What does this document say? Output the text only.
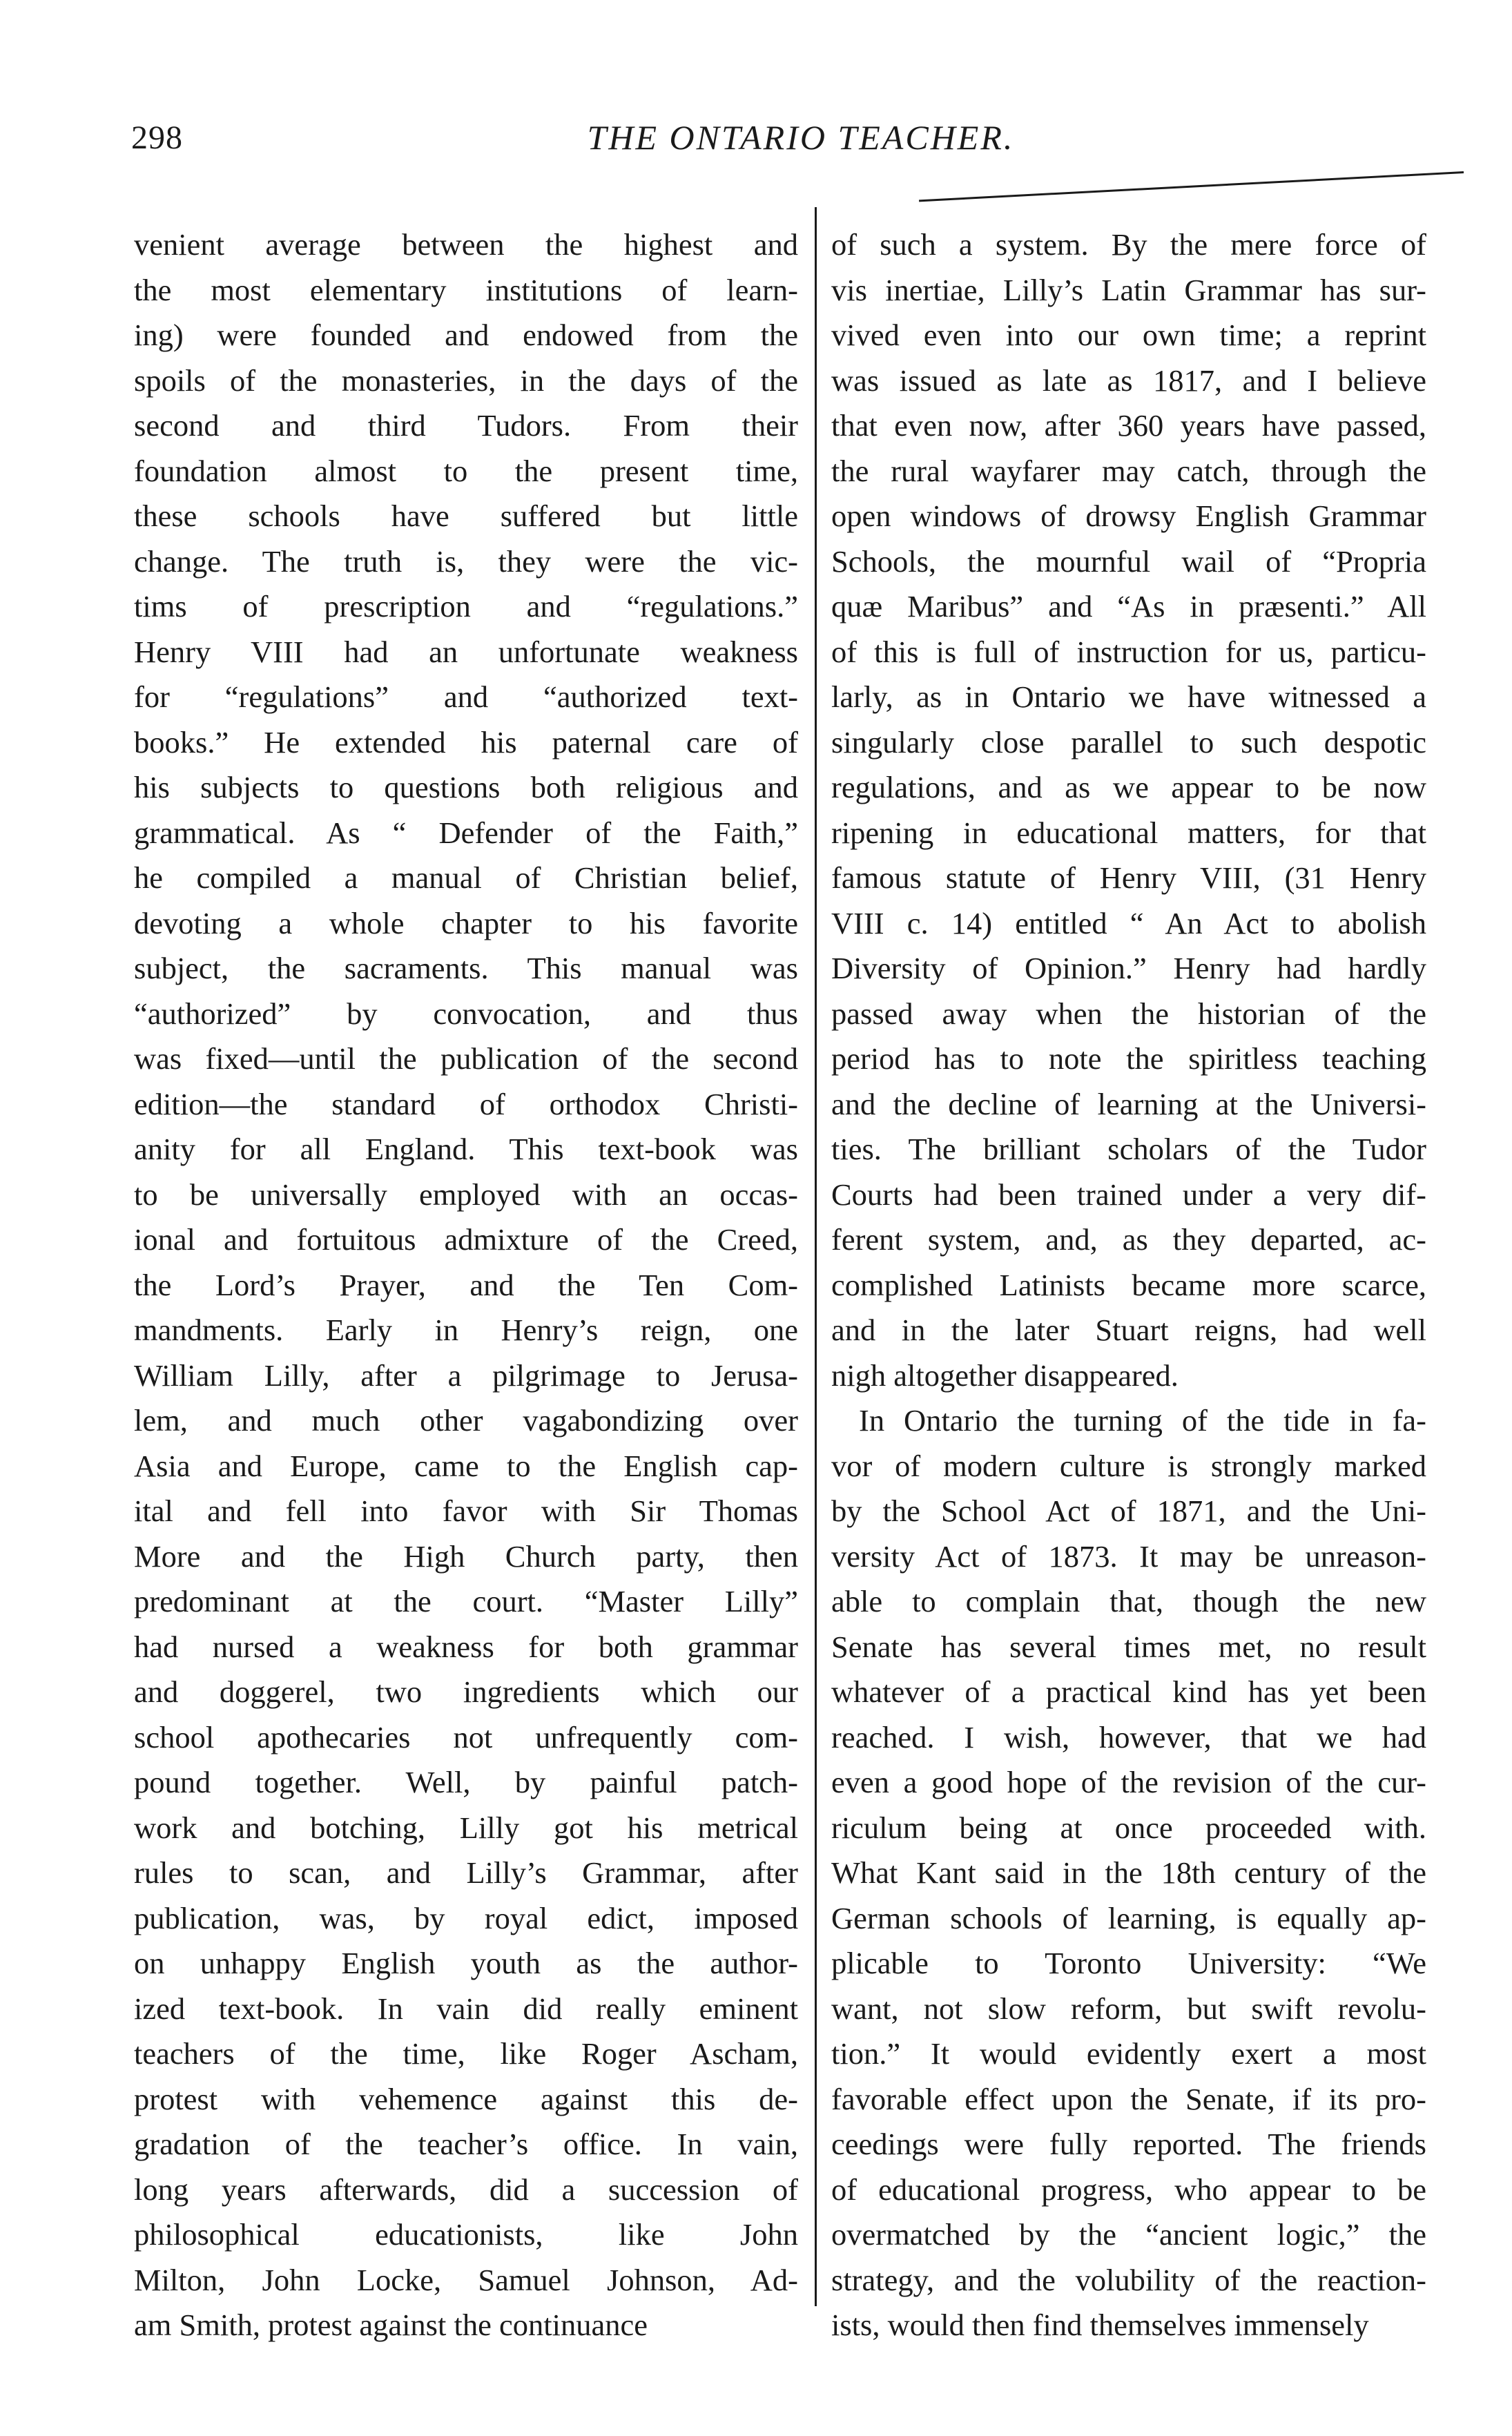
298	THE ONTARIO TEACHER.
venient average between the highest and
the most elementary institutions of learn-
ing) were founded and endowed from the
spoils of the monasteries, in the days of the
second and third Tudors. From their
foundation almost to the present time,
these schools have suffered but little
change. The truth is, they were the vic-
tims of prescription and “regulations.”
Henry VIII had an unfortunate weakness
for “regulations” and “authorized text-
books.” He extended his paternal care of
his subjects to questions both religious and
grammatical. As “ Defender of the Faith,”
he compiled a manual of Christian belief,
devoting a whole chapter to his favorite
subject, the sacraments. This manual was
“authorized” by convocation, and thus
was fixed—until the publication of the second
edition—the standard of orthodox Christi-
anity for all England. This text-book was
to be universally employed with an occas-
ional and fortuitous admixture of the Creed,
the Lord’s Prayer, and the Ten Com-
mandments. Early in Henry’s reign, one
William Lilly, after a pilgrimage to Jerusa-
lem, and much other vagabondizing over
Asia and Europe, came to the English cap-
ital and fell into favor with Sir Thomas
More and the High Church party, then
predominant at the court. “Master Lilly”
had nursed a weakness for both grammar
and doggerel, two ingredients which our
school apothecaries not unfrequently com-
pound together. Well, by painful patch-
work and botching, Lilly got his metrical
rules to scan, and Lilly’s Grammar, after
publication, was, by royal edict, imposed
on unhappy English youth as the author-
ized text-book. In vain did really eminent
teachers of the time, like Roger Ascham,
protest with vehemence against this de-
gradation of the teacher’s office. In vain,
long years afterwards, did a succession of
philosophical educationists, like John
Milton, John Locke, Samuel Johnson, Ad-
am Smith, protest against the continuance
of such a system. By the mere force of
vis inertiae, Lilly’s Latin Grammar has sur-
vived even into our own time; a reprint
was issued as late as 1817, and I believe
that even now, after 360 years have passed,
the rural wayfarer may catch, through the
open windows of drowsy English Grammar
Schools, the mournful wail of “Propria
quæ Maribus” and “As in præsenti.” All
of this is full of instruction for us, particu-
larly, as in Ontario we have witnessed a
singularly close parallel to such despotic
regulations, and as we appear to be now
ripening in educational matters, for that
famous statute of Henry VIII, (31 Henry
VIII c. 14) entitled “ An Act to abolish
Diversity of Opinion.” Henry had hardly
passed away when the historian of the
period has to note the spiritless teaching
and the decline of learning at the Universi-
ties. The brilliant scholars of the Tudor
Courts had been trained under a very dif-
ferent system, and, as they departed, ac-
complished Latinists became more scarce,
and in the later Stuart reigns, had well
nigh altogether disappeared.
In Ontario the turning of the tide in fa-
vor of modern culture is strongly marked
by the School Act of 1871, and the Uni-
versity Act of 1873. It may be unreason-
able to complain that, though the new
Senate has several times met, no result
whatever of a practical kind has yet been
reached. I wish, however, that we had
even a good hope of the revision of the cur-
riculum being at once proceeded with.
What Kant said in the 18th century of the
German schools of learning, is equally ap-
plicable to Toronto University: “We
want, not slow reform, but swift revolu-
tion.” It would evidently exert a most
favorable effect upon the Senate, if its pro-
ceedings were fully reported. The friends
of educational progress, who appear to be
overmatched by the “ancient logic,” the
strategy, and the volubility of the reaction-
ists, would then find themselves immensely
